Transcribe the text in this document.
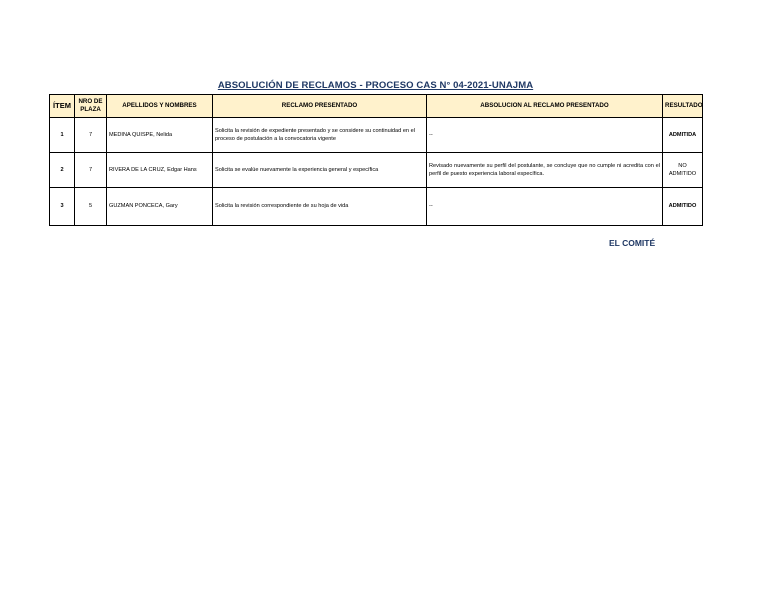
ABSOLUCIÓN DE RECLAMOS - PROCESO CAS N° 04-2021-UNAJMA
ÍTEM	NRO DE PLAZA	APELLIDOS Y NOMBRES	RECLAMO PRESENTADO	ABSOLUCION AL RECLAMO PRESENTADO	RESULTADO
1	7	MEDINA QUISPE, Nelida	Solicita la revisión de expediente presentado y se considere su continuidad en el proceso de postulación a la convocatoria vigente	--	ADMITIDA
2	7	RIVERA DE LA CRUZ, Edgar Hans	Solicita se evalúe nuevamente la experiencia general y específica	Revisado nuevamente su perfil del postulante, se concluye que no cumple ni acredita con el perfil de puesto experiencia laboral específica.	NO ADMITIDO
3	5	GUZMAN PONCECA, Gary	Solicita la revisión correspondiente de su hoja de vida	--	ADMITIDO
EL COMITÉ
